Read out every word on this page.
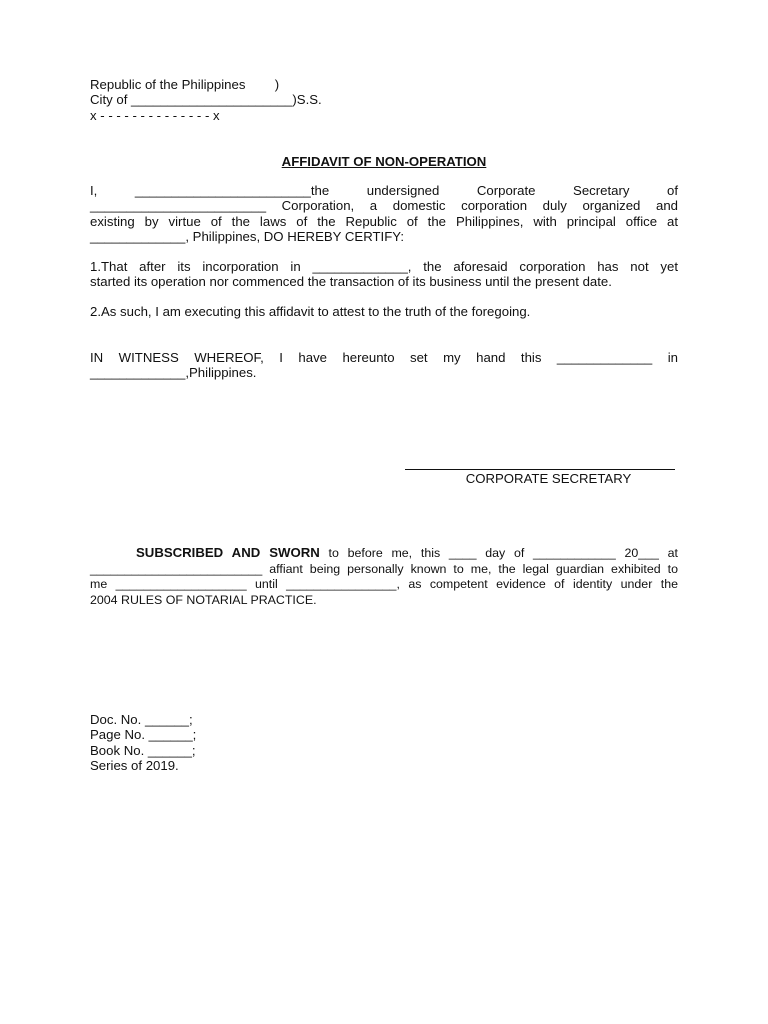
Republic of the Philippines        )
City of ______________________)S.S.
x - - - - - - - - - - - - - - x
AFFIDAVIT OF NON-OPERATION
I, ________________________the undersigned Corporate Secretary of
________________________ Corporation, a domestic corporation duly organized and
existing by virtue of the laws of the Republic of the Philippines, with principal office at
_____________, Philippines, DO HEREBY CERTIFY:
1.That after its incorporation in _____________, the aforesaid corporation has not yet
started its operation nor commenced the transaction of its business until the present date.
2.As such, I am executing this affidavit to attest to the truth of the foregoing.
IN WITNESS WHEREOF, I have hereunto set my hand this _____________ in
_____________,Philippines.
CORPORATE SECRETARY
SUBSCRIBED AND SWORN to before me, this ____ day of ____________ 20___ at
_________________________ affiant being personally known to me, the legal guardian exhibited to
me ___________________ until ________________, as competent evidence of identity under the
2004 RULES OF NOTARIAL PRACTICE.
Doc. No. ______;
Page No. ______;
Book No. ______;
Series of 2019.
